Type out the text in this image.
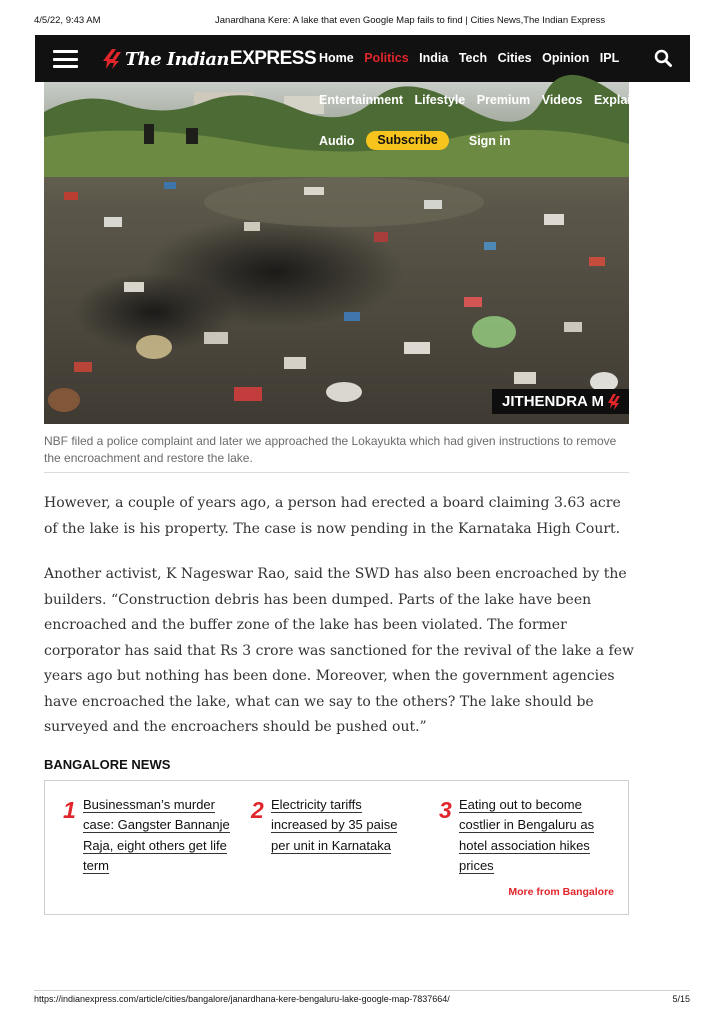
4/5/22, 9:43 AM	Janardhana Kere: A lake that even Google Map fails to find | Cities News,The Indian Express
The Indian EXPRESS Home Politics India Tech Cities Opinion IPL
JITHENDRA M
Entertainment Lifestyle Premium Videos Explained
Audio	Subscribe	Sign in
NBF filed a police complaint and later we approached the Lokayukta which had given instructions to remove the encroachment and restore the lake.

However, a couple of years ago, a person had erected a board claiming 3.63 acre of the lake is his property. The case is now pending in the Karnataka High Court.

Another activist, K Nageswar Rao, said the SWD has also been encroached by the builders. “Construction debris has been dumped. Parts of the lake have been encroached and the buffer zone of the lake has been violated. The former corporator has said that Rs 3 crore was sanctioned for the revival of the lake a few years ago but nothing has been done. Moreover, when the government agencies have encroached the lake, what can we say to the others? The lake should be surveyed and the encroachers should be pushed out.”

BANGALORE NEWS
1 Businessman’s murder case: Gangster Bannanje Raja, eight others get life term
2 Electricity tariffs increased by 35 paise per unit in Karnataka
3 Eating out to become costlier in Bengaluru as hotel association hikes prices
More from Bangalore
https://indianexpress.com/article/cities/bangalore/janardhana-kere-bengaluru-lake-google-map-7837664/	5/15
